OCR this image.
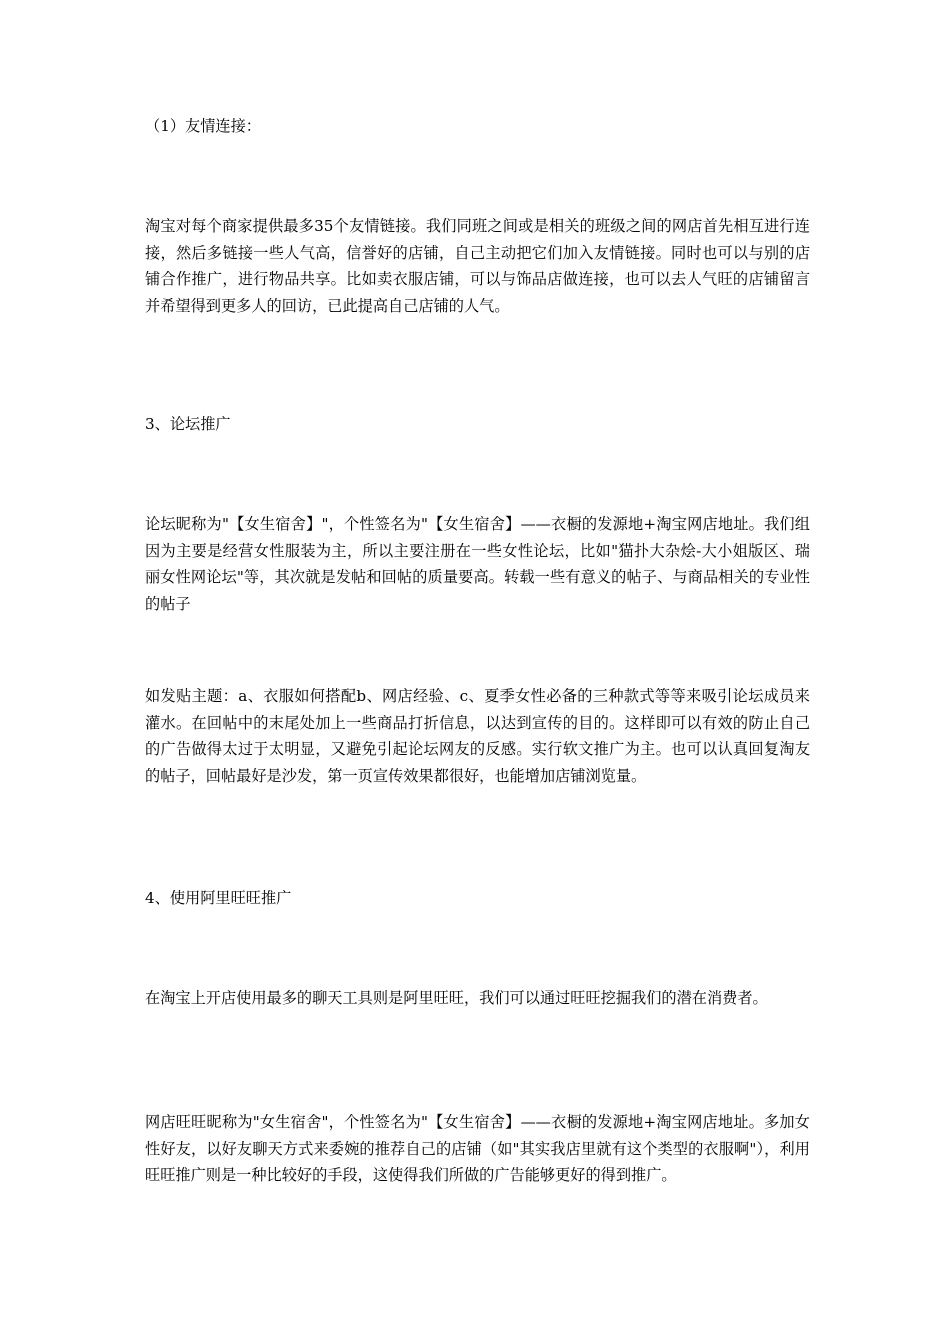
（1）友情连接：

淘宝对每个商家提供最多35个友情链接。我们同班之间或是相关的班级之间的网店首先相互进行连接，然后多链接一些人气高，信誉好的店铺，自己主动把它们加入友情链接。同时也可以与别的店铺合作推广，进行物品共享。比如卖衣服店铺，可以与饰品店做连接，也可以去人气旺的店铺留言并希望得到更多人的回访，已此提高自己店铺的人气。

3、论坛推广

论坛昵称为"【女生宿舍】"，个性签名为"【女生宿舍】——衣橱的发源地+淘宝网店地址。我们组因为主要是经营女性服装为主，所以主要注册在一些女性论坛，比如"猫扑大杂烩-大小姐版区、瑞丽女性网论坛"等，其次就是发帖和回帖的质量要高。转载一些有意义的帖子、与商品相关的专业性的帖子

如发贴主题：a、衣服如何搭配b、网店经验、c、夏季女性必备的三种款式等等来吸引论坛成员来灌水。在回帖中的末尾处加上一些商品打折信息，以达到宣传的目的。这样即可以有效的防止自己的广告做得太过于太明显，又避免引起论坛网友的反感。实行软文推广为主。也可以认真回复淘友的帖子，回帖最好是沙发，第一页宣传效果都很好，也能增加店铺浏览量。

4、使用阿里旺旺推广

在淘宝上开店使用最多的聊天工具则是阿里旺旺，我们可以通过旺旺挖掘我们的潜在消费者。

网店旺旺昵称为"女生宿舍"，个性签名为"【女生宿舍】——衣橱的发源地+淘宝网店地址。多加女性好友，以好友聊天方式来委婉的推荐自己的店铺（如"其实我店里就有这个类型的衣服啊"），利用旺旺推广则是一种比较好的手段，这使得我们所做的广告能够更好的得到推广。
